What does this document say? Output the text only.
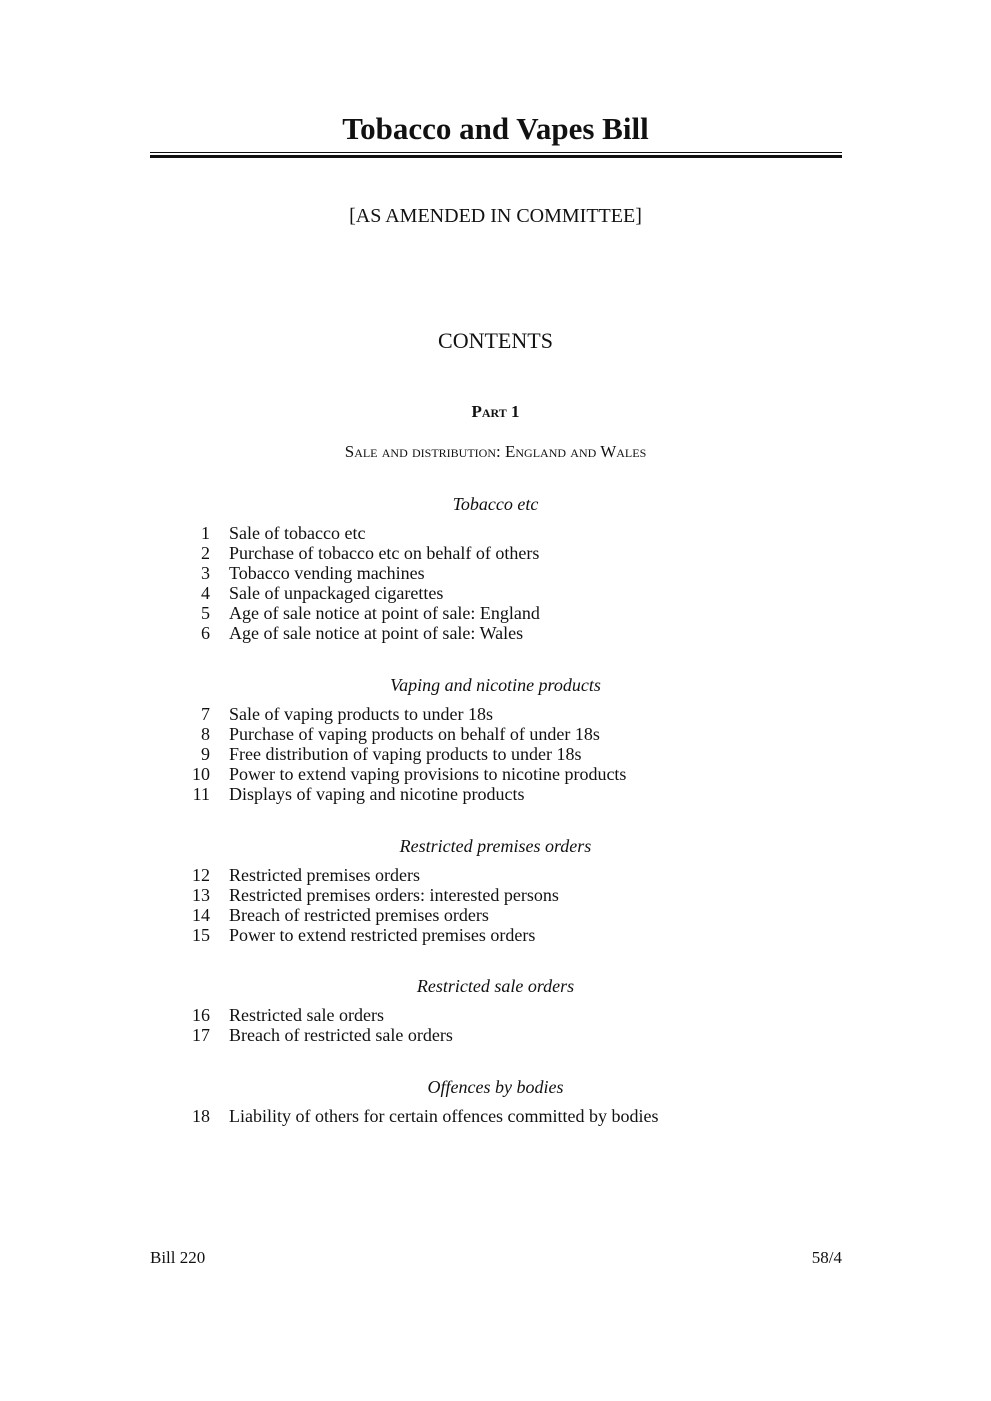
Tobacco and Vapes Bill
[AS AMENDED IN COMMITTEE]
CONTENTS
Part 1
Sale and distribution: England and Wales
Tobacco etc
1 Sale of tobacco etc
2 Purchase of tobacco etc on behalf of others
3 Tobacco vending machines
4 Sale of unpackaged cigarettes
5 Age of sale notice at point of sale: England
6 Age of sale notice at point of sale: Wales
Vaping and nicotine products
7 Sale of vaping products to under 18s
8 Purchase of vaping products on behalf of under 18s
9 Free distribution of vaping products to under 18s
10 Power to extend vaping provisions to nicotine products
11 Displays of vaping and nicotine products
Restricted premises orders
12 Restricted premises orders
13 Restricted premises orders: interested persons
14 Breach of restricted premises orders
15 Power to extend restricted premises orders
Restricted sale orders
16 Restricted sale orders
17 Breach of restricted sale orders
Offences by bodies
18 Liability of others for certain offences committed by bodies
Bill 220	58/4
